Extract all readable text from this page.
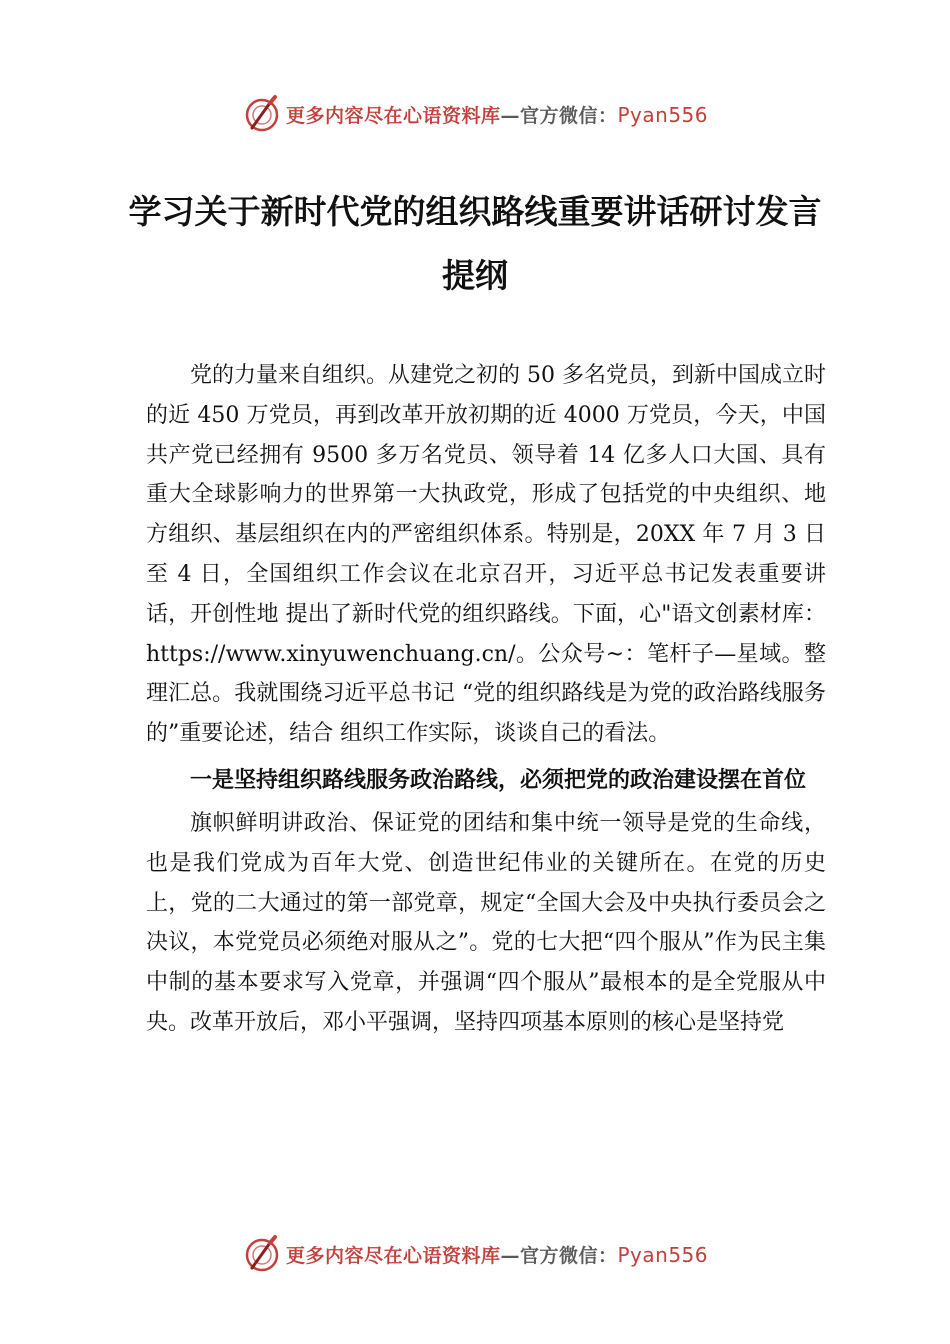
更多内容尽在心语资料库—官方微信：Pyan556
学习关于新时代党的组织路线重要讲话研讨发言提纲

党的力量来自组织。从建党之初的 50 多名党员，到新中国成立时的近 450 万党员，再到改革开放初期的近 4000 万党员，今天，中国共产党已经拥有 9500 多万名党员、领导着 14 亿多人口大国、具有重大全球影响力的世界第一大执政党，形成了包括党的中央组织、地方组织、基层组织在内的严密组织体系。特别是，20XX 年 7 月 3 日至 4 日，全国组织工作会议在北京召开，习近平总书记发表重要讲话，开创性地 提出了新时代党的组织路线。下面，心"语文创素材库：https://www.xinyuwenchuang.cn/。公众号~：笔杆子—星域。整理汇总。我就围绕习近平总书记 “党的组织路线是为党的政治路线服务的”重要论述，结合 组织工作实际，谈谈自己的看法。

一是坚持组织路线服务政治路线，必须把党的政治建设摆在首位

旗帜鲜明讲政治、保证党的团结和集中统一领导是党的生命线，也是我们党成为百年大党、创造世纪伟业的关键所在。在党的历史上，党的二大通过的第一部党章，规定“全国大会及中央执行委员会之决议，本党党员必须绝对服从之”。党的七大把“四个服从”作为民主集中制的基本要求写入党章，并强调“四个服从”最根本的是全党服从中央。改革开放后，邓小平强调，坚持四项基本原则的核心是坚持党

更多内容尽在心语资料库—官方微信：Pyan556
